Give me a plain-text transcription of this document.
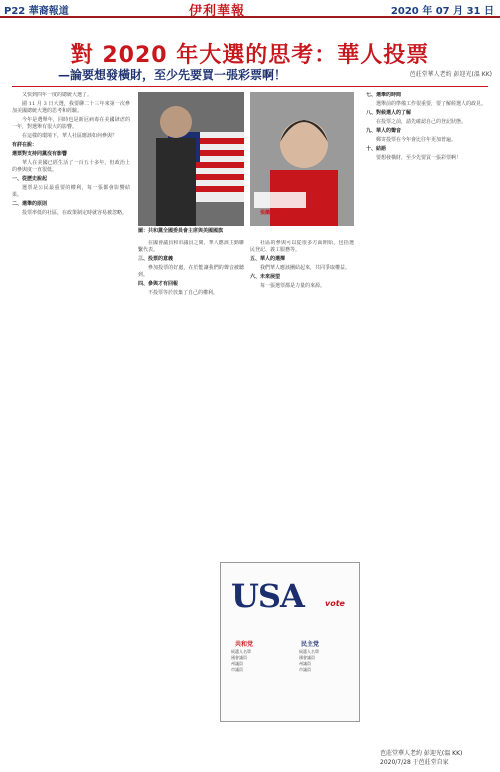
P22 華裔報道	伊利華報	2020 年 07 月 31 日
對 2020 年大選的思考：華人投票
—論要想發橫財，至少先要買一張彩票啊！	芭莊堂華人老約 彭迎光(溫 KK)

又快到四年一度的總統大選了。

圍 11 月 3 日大選，我要聊二十三年來第一次參加美國總統大選的思考和經驗。

今年是選舉年，同時也是新冠病毒在美國肆虐的一年，對選舉有很大的影響。

在這樣的環境下，華人社區應該如何參與？

有詳在說：

選票對支持同黨沒有影響

華人在美國已經生活了一百五十多年，但政治上的參與度一直很低。

一、從歷史說起

選票是公民最重要的權利，每一張都會影響結果。

二、選舉的原則

投票率低的社區，在政策制定時就容易被忽略。

圖：共和黨全國委員會主席與美國國旗
張蘭總統夫人

在國會議員和市議員之間，華人應該主動聯繫代表。

三、投票的意義

參加投票的好處，在於能讓我們的聲音被聽到。

四、參與才有回報

不投票等於放棄了自己的權利。

社區的參與可以從很多方面開始，包括選民登記、義工服務等。

五、華人的選擇

我們華人應該團結起來，共同爭取權益。

六、未來展望

每一張選票都是力量的來源。

USA	vote
共和党	民主党
候選人名單
國會議員
州議員
市議員
候選人名單
國會議員
州議員
市議員

七、選舉的時間

選舉前的準備工作很重要，要了解候選人的政見。

八、對候選人的了解

在投票之前，請先確認自己的登記狀態。

九、華人的聲音

郵寄投票在今年會比往年更加普遍。

十、結語

要想發橫財，至少先要買一張彩票啊！

芭莊堂華人老約 彭迎光(溫 KK)
2020/7/28 于芭莊堂自家
